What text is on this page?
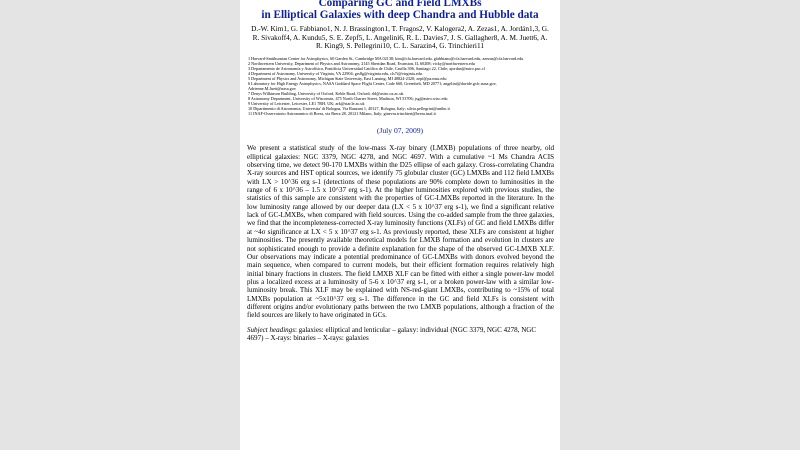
Comparing GC and Field LMXBs
in Elliptical Galaxies with deep Chandra and Hubble data
D.-W. Kim1, G. Fabbiano1, N. J. Brassington1, T. Fragos2, V. Kalogera2, A. Zezas1, A. Jordán1,3, G. R. Sivakoff4, A. Kundu5, S. E. Zepf5, L. Angelini6, R. L. Davies7, J. S. Gallagher8, A. M. Juett6, A. R. King9, S. Pellegrini10, C. L. Sarazin4, G. Trinchieri11

1 Harvard-Smithsonian Center for Astrophysics, 60 Garden St., Cambridge MA 02138; kim@cfa.harvard.edu, gfabbiano@cfa.harvard.edu, azezas@cfa.harvard.edu

2 Northwestern University, Department of Physics and Astronomy, 2145 Sheridan Road, Evanston, IL 60208; vicky@northwestern.edu

3 Departamento de Astronomía y Astrofísica, Pontificia Universidad Católica de Chile, Casilla 306, Santiago 22, Chile; ajordan@astro.puc.cl

4 Department of Astronomy, University of Virginia, VA 22904; grs8g@virginia.edu, cls7i@virginia.edu

5 Department of Physics and Astronomy, Michigan State University, East Lansing, MI 48824-2320; zepf@pa.msu.edu

6 Laboratory for High Energy Astrophysics, NASA Goddard Space Flight Center, Code 660, Greenbelt, MD 20771; angelini@davide.gsfc.nasa.gov, Adrienne.M.Juett@nasa.gov

7 Denys Wilkinson Building, University of Oxford, Keble Road, Oxford; rld@astro.ox.ac.uk

8 Astronomy Department, University of Wisconsin, 475 North Charter Street, Madison, WI 53706; jsg@astro.wisc.edu

9 University of Leicester, Leicester, LE1 7RH, UK; ark@star.le.ac.uk

10 Dipartimento di Astronomia, Universita' di Bologna, Via Ranzani 1, 40127, Bologna, Italy; silvia.pellegrini@unibo.it

11 INAF-Osservatorio Astronomico di Brera, via Brera 28, 20121 Milano, Italy; ginevra.trinchieri@brera.inaf.it

(July 07, 2009)

We present a statistical study of the low-mass X-ray binary (LMXB) populations of three nearby, old elliptical galaxies: NGC 3379, NGC 4278, and NGC 4697. With a cumulative ~1 Ms Chandra ACIS observing time, we detect 90-170 LMXBs within the D25 ellipse of each galaxy. Cross-correlating Chandra X-ray sources and HST optical sources, we identify 75 globular cluster (GC) LMXBs and 112 field LMXBs with LX > 10^36 erg s-1 (detections of these populations are 90% complete down to luminosities in the range of 6 x 10^36 – 1.5 x 10^37 erg s-1). At the higher luminosities explored with previous studies, the statistics of this sample are consistent with the properties of GC-LMXBs reported in the literature. In the low luminosity range allowed by our deeper data (LX < 5 x 10^37 erg s-1), we find a significant relative lack of GC-LMXBs, when compared with field sources. Using the co-added sample from the three galaxies, we find that the incompleteness-corrected X-ray luminosity functions (XLFs) of GC and field LMXBs differ at ~4σ significance at LX < 5 x 10^37 erg s-1. As previously reported, these XLFs are consistent at higher luminosities. The presently available theoretical models for LMXB formation and evolution in clusters are not sophisticated enough to provide a definite explanation for the shape of the observed GC-LMXB XLF. Our observations may indicate a potential predominance of GC-LMXBs with donors evolved beyond the main sequence, when compared to current models, but their efficient formation requires relatively high initial binary fractions in clusters. The field LMXB XLF can be fitted with either a single power-law model plus a localized excess at a luminosity of 5-6 x 10^37 erg s-1, or a broken power-law with a similar low-luminosity break. This XLF may be explained with NS-red-giant LMXBs, contributing to ~15% of total LMXBs population at ~5x10^37 erg s-1. The difference in the GC and field XLFs is consistent with different origins and/or evolutionary paths between the two LMXB populations, although a fraction of the field sources are likely to have originated in GCs.

Subject headings: galaxies: elliptical and lenticular – galaxy: individual (NGC 3379, NGC 4278, NGC 4697) – X-rays: binaries – X-rays: galaxies
